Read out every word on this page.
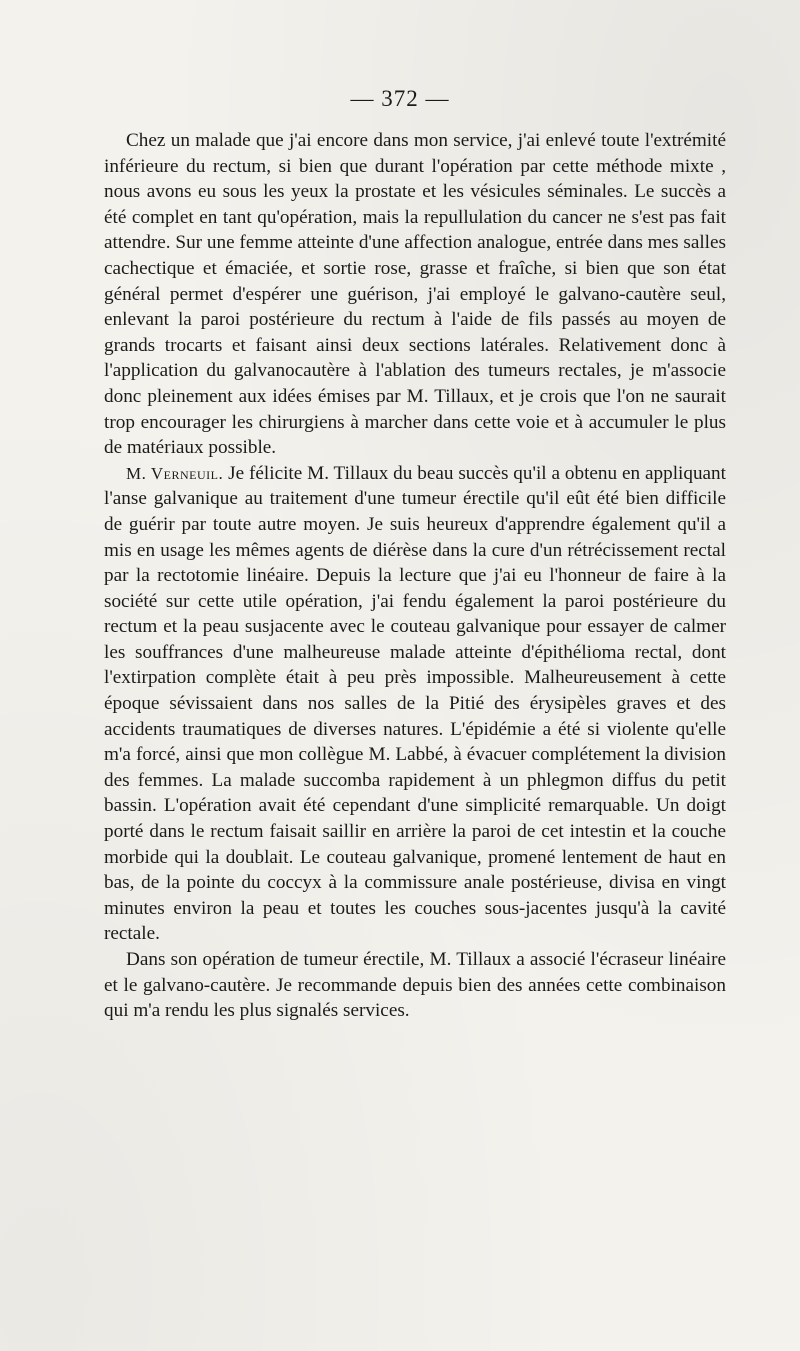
— 372 —

Chez un malade que j'ai encore dans mon service, j'ai enlevé toute l'extrémité inférieure du rectum, si bien que durant l'opération par cette méthode mixte , nous avons eu sous les yeux la prostate et les vésicules séminales. Le succès a été complet en tant qu'opération, mais la repullulation du cancer ne s'est pas fait attendre. Sur une femme atteinte d'une affection analogue, entrée dans mes salles cachectique et émaciée, et sortie rose, grasse et fraîche, si bien que son état général permet d'espérer une guérison, j'ai employé le galvano-cautère seul, enlevant la paroi postérieure du rectum à l'aide de fils passés au moyen de grands trocarts et faisant ainsi deux sections latérales. Relativement donc à l'application du galvanocautère à l'ablation des tumeurs rectales, je m'associe donc pleinement aux idées émises par M. Tillaux, et je crois que l'on ne saurait trop encourager les chirurgiens à marcher dans cette voie et à accumuler le plus de matériaux possible.

M. Verneuil. Je félicite M. Tillaux du beau succès qu'il a obtenu en appliquant l'anse galvanique au traitement d'une tumeur érectile qu'il eût été bien difficile de guérir par toute autre moyen. Je suis heureux d'apprendre également qu'il a mis en usage les mêmes agents de diérèse dans la cure d'un rétrécissement rectal par la rectotomie linéaire. Depuis la lecture que j'ai eu l'honneur de faire à la société sur cette utile opération, j'ai fendu également la paroi postérieure du rectum et la peau susjacente avec le couteau galvanique pour essayer de calmer les souffrances d'une malheureuse malade atteinte d'épithélioma rectal, dont l'extirpation complète était à peu près impossible. Malheureusement à cette époque sévissaient dans nos salles de la Pitié des érysipèles graves et des accidents traumatiques de diverses natures. L'épidémie a été si violente qu'elle m'a forcé, ainsi que mon collègue M. Labbé, à évacuer complétement la division des femmes. La malade succomba rapidement à un phlegmon diffus du petit bassin. L'opération avait été cependant d'une simplicité remarquable. Un doigt porté dans le rectum faisait saillir en arrière la paroi de cet intestin et la couche morbide qui la doublait. Le couteau galvanique, promené lentement de haut en bas, de la pointe du coccyx à la commissure anale postérieuse, divisa en vingt minutes environ la peau et toutes les couches sous-jacentes jusqu'à la cavité rectale.

Dans son opération de tumeur érectile, M. Tillaux a associé l'écraseur linéaire et le galvano-cautère. Je recommande depuis bien des années cette combinaison qui m'a rendu les plus signalés services.
